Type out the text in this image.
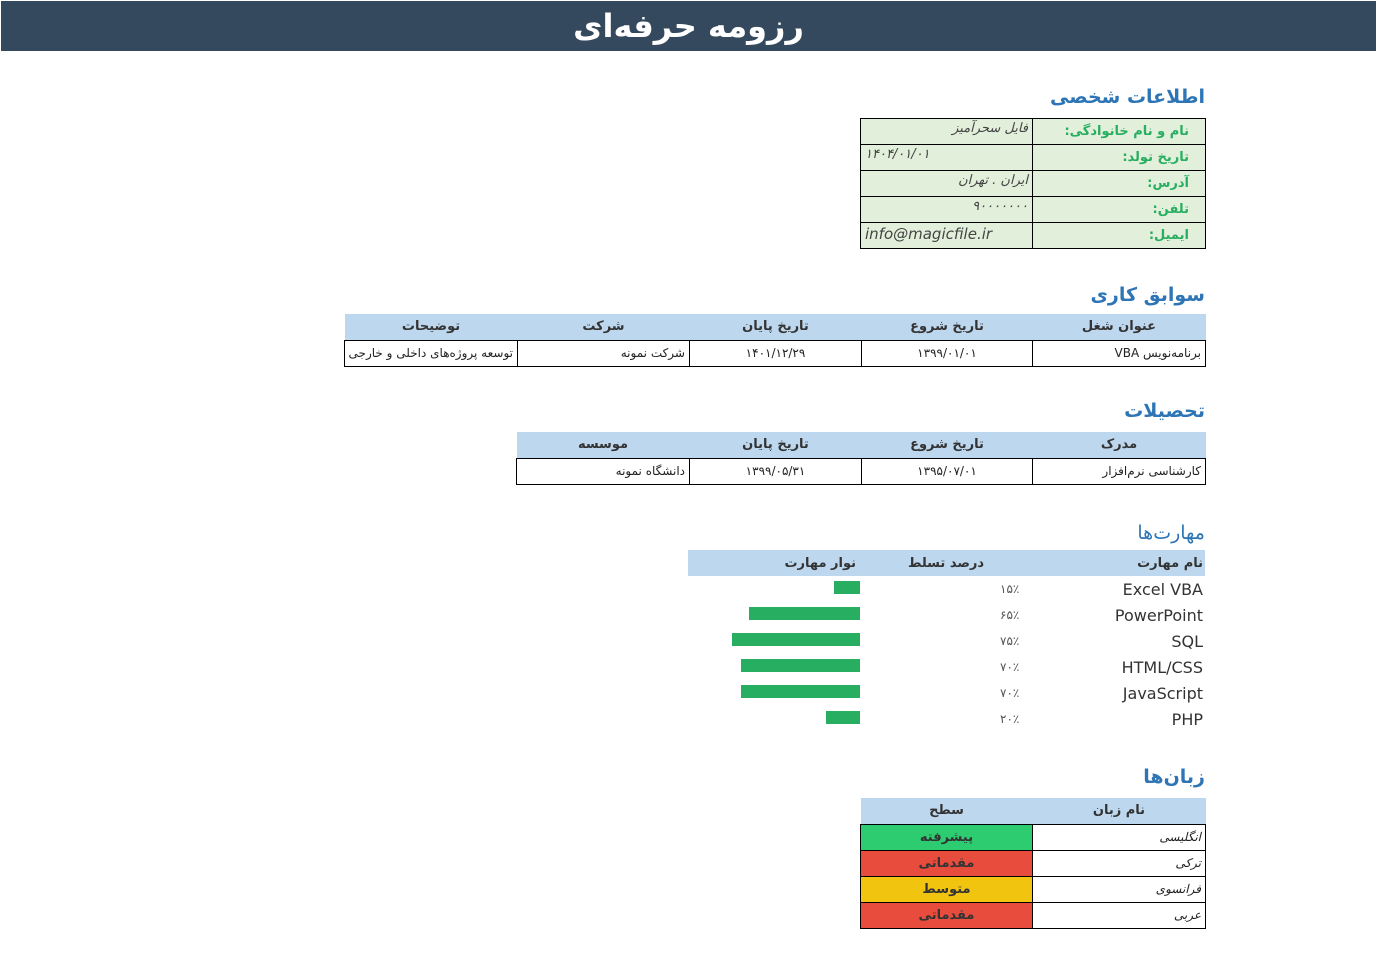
رزومه حرفه‌ای
اطلاعات شخصی
فایل سحرآمیز	نام و نام خانوادگی:
۱۴۰۴/۰۱/۰۱	تاریخ تولد:
ایران . تهران	آدرس:
۹۰۰۰۰۰۰۰	تلفن:
info@magicfile.ir	ایمیل:
سوابق کاری
عنوان شغل	تاریخ شروع	تاریخ پایان	شرکت	توضیحات
برنامه‌نویس VBA	۱۳۹۹/۰۱/۰۱	۱۴۰۱/۱۲/۲۹	شرکت نمونه	توسعه پروژه‌های داخلی و خارجی
تحصیلات
مدرک	تاریخ شروع	تاریخ پایان	موسسه
کارشناسی نرم‌افزار	۱۳۹۵/۰۷/۰۱	۱۳۹۹/۰۵/۳۱	دانشگاه نمونه
مهارت‌ها
نام مهارت	درصد تسلط	نوار مهارت
Excel VBA	۱۵٪	

PowerPoint	۶۵٪	

SQL	۷۵٪	

HTML/CSS	۷۰٪	

JavaScript	۷۰٪	

PHP	۲۰٪	
زبان‌ها
نام زبان	سطح
انگلیسی	پیشرفته
ترکی	مقدماتی
فرانسوی	متوسط
عربی	مقدماتی
